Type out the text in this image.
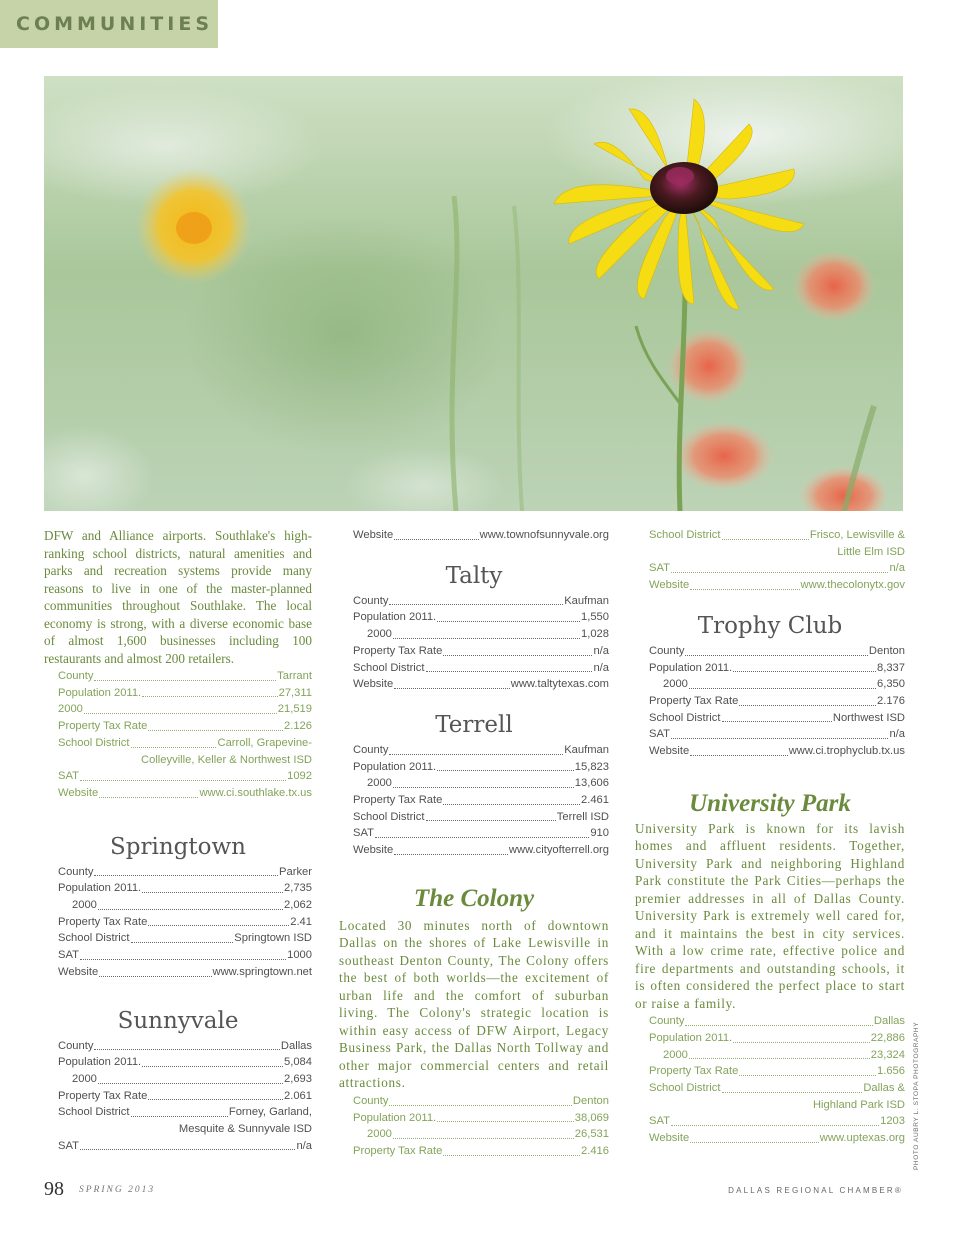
COMMUNITIES
PHOTO AUBRY L. STOPA PHOTOGRAPHY

DFW and Alliance airports. Southlake's high-ranking school districts, natural amenities and parks and recreation systems provide many reasons to live in one of the master-planned communities throughout Southlake. The local economy is strong, with a diverse economic base of almost 1,600 businesses including 100 restaurants and almost 200 retailers.

County	Tarrant
Population 2011.	27,311
2000	21,519
Property Tax Rate	2.126
School District	Carroll, Grapevine-
Colleyville, Keller & Northwest ISD
SAT	1092
Website	www.ci.southlake.tx.us
Springtown
County	Parker
Population 2011.	2,735
2000	2,062
Property Tax Rate	2.41
School District	Springtown ISD
SAT	1000
Website	www.springtown.net
Sunnyvale
County	Dallas
Population 2011.	5,084
2000	2,693
Property Tax Rate	2.061
School District	Forney, Garland,
Mesquite & Sunnyvale ISD
SAT	n/a
Website	www.townofsunnyvale.org
Talty
County	Kaufman
Population 2011.	1,550
2000	1,028
Property Tax Rate	n/a
School District	n/a
Website	www.taltytexas.com
Terrell
County	Kaufman
Population 2011.	15,823
2000	13,606
Property Tax Rate	2.461
School District	Terrell ISD
SAT	910
Website	www.cityofterrell.org
The Colony

Located 30 minutes north of downtown Dallas on the shores of Lake Lewisville in southeast Denton County, The Colony offers the best of both worlds—the excitement of urban life and the comfort of suburban living. The Colony's strategic location is within easy access of DFW Airport, Legacy Business Park, the Dallas North Tollway and other major commercial centers and retail attractions.

County	Denton
Population 2011.	38,069
2000	26,531
Property Tax Rate	2.416
School District	Frisco, Lewisville &
Little Elm ISD
SAT	n/a
Website	www.thecolonytx.gov
Trophy Club
County	Denton
Population 2011.	8,337
2000	6,350
Property Tax Rate	2.176
School District	Northwest ISD
SAT	n/a
Website	www.ci.trophyclub.tx.us
University Park

University Park is known for its lavish homes and affluent residents. Together, University Park and neighboring Highland Park constitute the Park Cities—perhaps the premier addresses in all of Dallas County. University Park is extremely well cared for, and it maintains the best in city services. With a low crime rate, effective police and fire departments and outstanding schools, it is often considered the perfect place to start or raise a family.

County	Dallas
Population 2011.	22,886
2000	23,324
Property Tax Rate	1.656
School District	Dallas &
Highland Park ISD
SAT	1203
Website	www.uptexas.org
98 SPRING 2013	DALLAS REGIONAL CHAMBER®
